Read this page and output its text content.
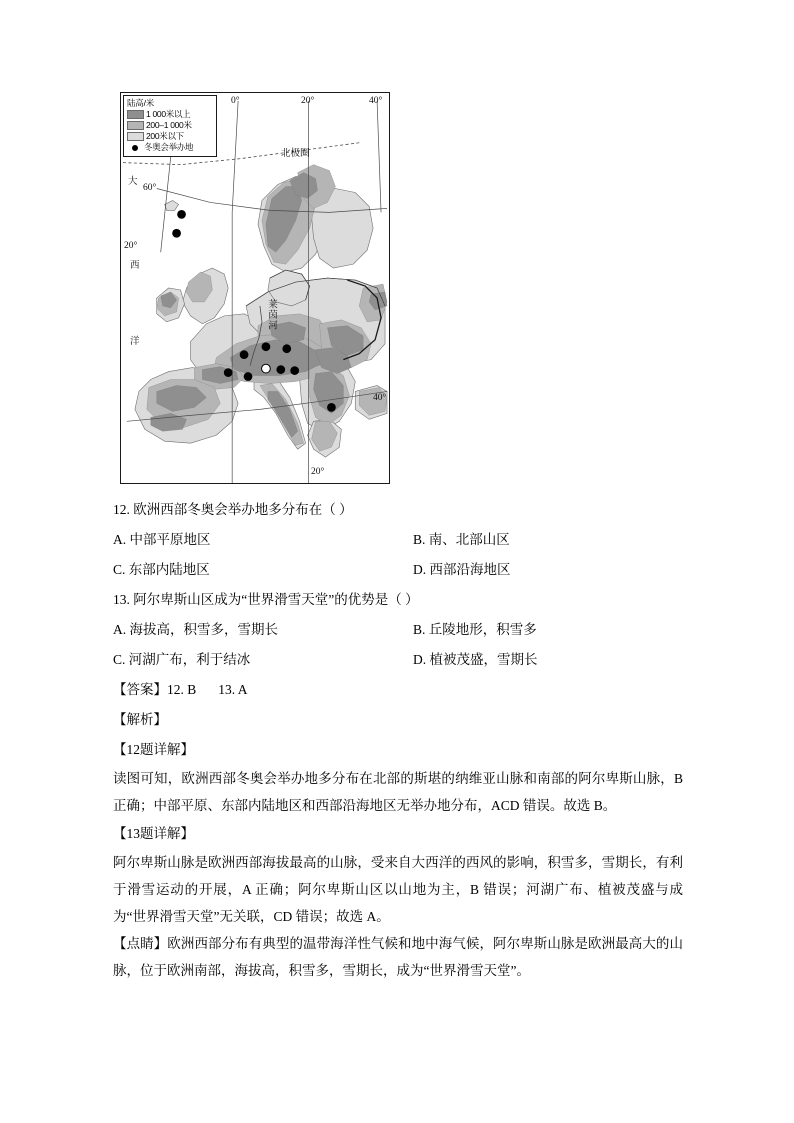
陆高/米
1 000米以上
200–1 000米
200米以下
冬奥会举办地
0°	20°	40°
60°
20°
大
西
洋
北极圈
莱茵河
20°
40°
12. 欧洲西部冬奥会举办地多分布在（ ）
A. 中部平原地区	B. 南、北部山区
C. 东部内陆地区	D. 西部沿海地区
13. 阿尔卑斯山区成为“世界滑雪天堂”的优势是（ ）
A. 海拔高，积雪多，雪期长	B. 丘陵地形，积雪多
C. 河湖广布，利于结冰	D. 植被茂盛，雪期长
【答案】12. B 13. A
【解析】
【12题详解】

读图可知，欧洲西部冬奥会举办地多分布在北部的斯堪的纳维亚山脉和南部的阿尔卑斯山脉，B正确；中部平原、东部内陆地区和西部沿海地区无举办地分布，ACD 错误。故选 B。

【13题详解】

阿尔卑斯山脉是欧洲西部海拔最高的山脉，受来自大西洋的西风的影响，积雪多，雪期长，有利于滑雪运动的开展，A 正确；阿尔卑斯山区以山地为主，B 错误；河湖广布、植被茂盛与成为“世界滑雪天堂”无关联，CD 错误；故选 A。

【点睛】欧洲西部分布有典型的温带海洋性气候和地中海气候，阿尔卑斯山脉是欧洲最高大的山脉，位于欧洲南部，海拔高，积雪多，雪期长，成为“世界滑雪天堂”。
